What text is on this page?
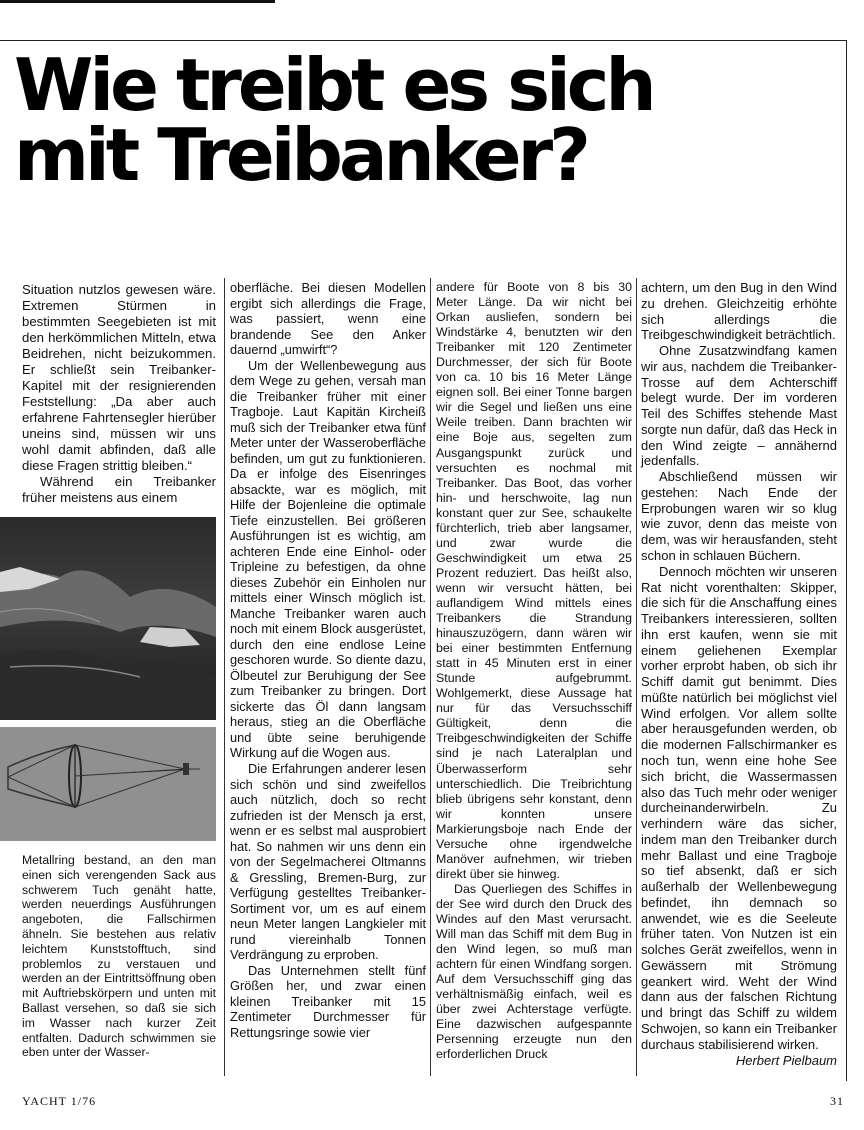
Wie treibt es sich
mit Treibanker?

Situation nutzlos gewesen wäre. Extremen Stürmen in bestimmten Seegebieten ist mit den herkömmlichen Mitteln, etwa Beidrehen, nicht beizukommen. Er schließt sein Treibanker-Kapitel mit der resignierenden Feststellung: „Da aber auch erfahrene Fahrtensegler hierüber uneins sind, müssen wir uns wohl damit abfinden, daß alle diese Fragen strittig bleiben.“

Während ein Treibanker früher meistens aus einem

Metallring bestand, an den man einen sich verengenden Sack aus schwerem Tuch genäht hatte, werden neuerdings Ausführungen angeboten, die Fallschirmen ähneln. Sie bestehen aus relativ leichtem Kunststofftuch, sind problemlos zu verstauen und werden an der Eintrittsöffnung oben mit Auftriebskörpern und unten mit Ballast versehen, so daß sie sich im Wasser nach kurzer Zeit entfalten. Dadurch schwimmen sie eben unter der Wasser-

oberfläche. Bei diesen Modellen ergibt sich allerdings die Frage, was passiert, wenn eine brandende See den Anker dauernd „umwirft“?

Um der Wellenbewegung aus dem Wege zu gehen, versah man die Treibanker früher mit einer Tragboje. Laut Kapitän Kircheiß muß sich der Treibanker etwa fünf Meter unter der Wasseroberfläche befinden, um gut zu funktionieren. Da er infolge des Eisenringes absackte, war es möglich, mit Hilfe der Bojenleine die optimale Tiefe einzustellen. Bei größeren Ausführungen ist es wichtig, am achteren Ende eine Einhol- oder Tripleine zu befestigen, da ohne dieses Zubehör ein Einholen nur mittels einer Winsch möglich ist. Manche Treibanker waren auch noch mit einem Block ausgerüstet, durch den eine endlose Leine geschoren wurde. So diente dazu, Ölbeutel zur Beruhigung der See zum Treibanker zu bringen. Dort sickerte das Öl dann langsam heraus, stieg an die Oberfläche und übte seine beruhigende Wirkung auf die Wogen aus.

Die Erfahrungen anderer lesen sich schön und sind zweifellos auch nützlich, doch so recht zufrieden ist der Mensch ja erst, wenn er es selbst mal ausprobiert hat. So nahmen wir uns denn ein von der Segelmacherei Oltmanns & Gressling, Bremen-Burg, zur Verfügung gestelltes Treibanker-Sortiment vor, um es auf einem neun Meter langen Langkieler mit rund viereinhalb Tonnen Verdrängung zu erproben.

Das Unternehmen stellt fünf Größen her, und zwar einen kleinen Treibanker mit 15 Zentimeter Durchmesser für Rettungsringe sowie vier

andere für Boote von 8 bis 30 Meter Länge. Da wir nicht bei Orkan ausliefen, sondern bei Windstärke 4, benutzten wir den Treibanker mit 120 Zentimeter Durchmesser, der sich für Boote von ca. 10 bis 16 Meter Länge eignen soll. Bei einer Tonne bargen wir die Segel und ließen uns eine Weile treiben. Dann brachten wir eine Boje aus, segelten zum Ausgangspunkt zurück und versuchten es nochmal mit Treibanker. Das Boot, das vorher hin- und herschwoite, lag nun konstant quer zur See, schaukelte fürchterlich, trieb aber langsamer, und zwar wurde die Geschwindigkeit um etwa 25 Prozent reduziert. Das heißt also, wenn wir versucht hätten, bei auflandigem Wind mittels eines Treibankers die Strandung hinauszuzögern, dann wären wir bei einer bestimmten Entfernung statt in 45 Minuten erst in einer Stunde aufgebrummt. Wohlgemerkt, diese Aussage hat nur für das Versuchsschiff Gültigkeit, denn die Treibgeschwindigkeiten der Schiffe sind je nach Lateralplan und Überwasserform sehr unterschiedlich. Die Treibrichtung blieb übrigens sehr konstant, denn wir konnten unsere Markierungsboje nach Ende der Versuche ohne irgendwelche Manöver aufnehmen, wir trieben direkt über sie hinweg.

Das Querliegen des Schiffes in der See wird durch den Druck des Windes auf den Mast verursacht. Will man das Schiff mit dem Bug in den Wind legen, so muß man achtern für einen Windfang sorgen. Auf dem Versuchsschiff ging das verhältnismäßig einfach, weil es über zwei Achterstage verfügte. Eine dazwischen aufgespannte Persenning erzeugte nun den erforderlichen Druck

achtern, um den Bug in den Wind zu drehen. Gleichzeitig erhöhte sich allerdings die Treibgeschwindigkeit beträchtlich.

Ohne Zusatzwindfang kamen wir aus, nachdem die Treibanker-Trosse auf dem Achterschiff belegt wurde. Der im vorderen Teil des Schiffes stehende Mast sorgte nun dafür, daß das Heck in den Wind zeigte – annähernd jedenfalls.

Abschließend müssen wir gestehen: Nach Ende der Erprobungen waren wir so klug wie zuvor, denn das meiste von dem, was wir herausfanden, steht schon in schlauen Büchern.

Dennoch möchten wir unseren Rat nicht vorenthalten: Skipper, die sich für die Anschaffung eines Treibankers interessieren, sollten ihn erst kaufen, wenn sie mit einem geliehenen Exemplar vorher erprobt haben, ob sich ihr Schiff damit gut benimmt. Dies müßte natürlich bei möglichst viel Wind erfolgen. Vor allem sollte aber herausgefunden werden, ob die modernen Fallschirmanker es noch tun, wenn eine hohe See sich bricht, die Wassermassen also das Tuch mehr oder weniger durcheinanderwirbeln. Zu verhindern wäre das sicher, indem man den Treibanker durch mehr Ballast und eine Tragboje so tief absenkt, daß er sich außerhalb der Wellenbewegung befindet, ihn demnach so anwendet, wie es die Seeleute früher taten. Von Nutzen ist ein solches Gerät zweifellos, wenn in Gewässern mit Strömung geankert wird. Weht der Wind dann aus der falschen Richtung und bringt das Schiff zu wildem Schwojen, so kann ein Treibanker durchaus stabilisierend wirken.
Herbert Pielbaum

YACHT 1/76	31
